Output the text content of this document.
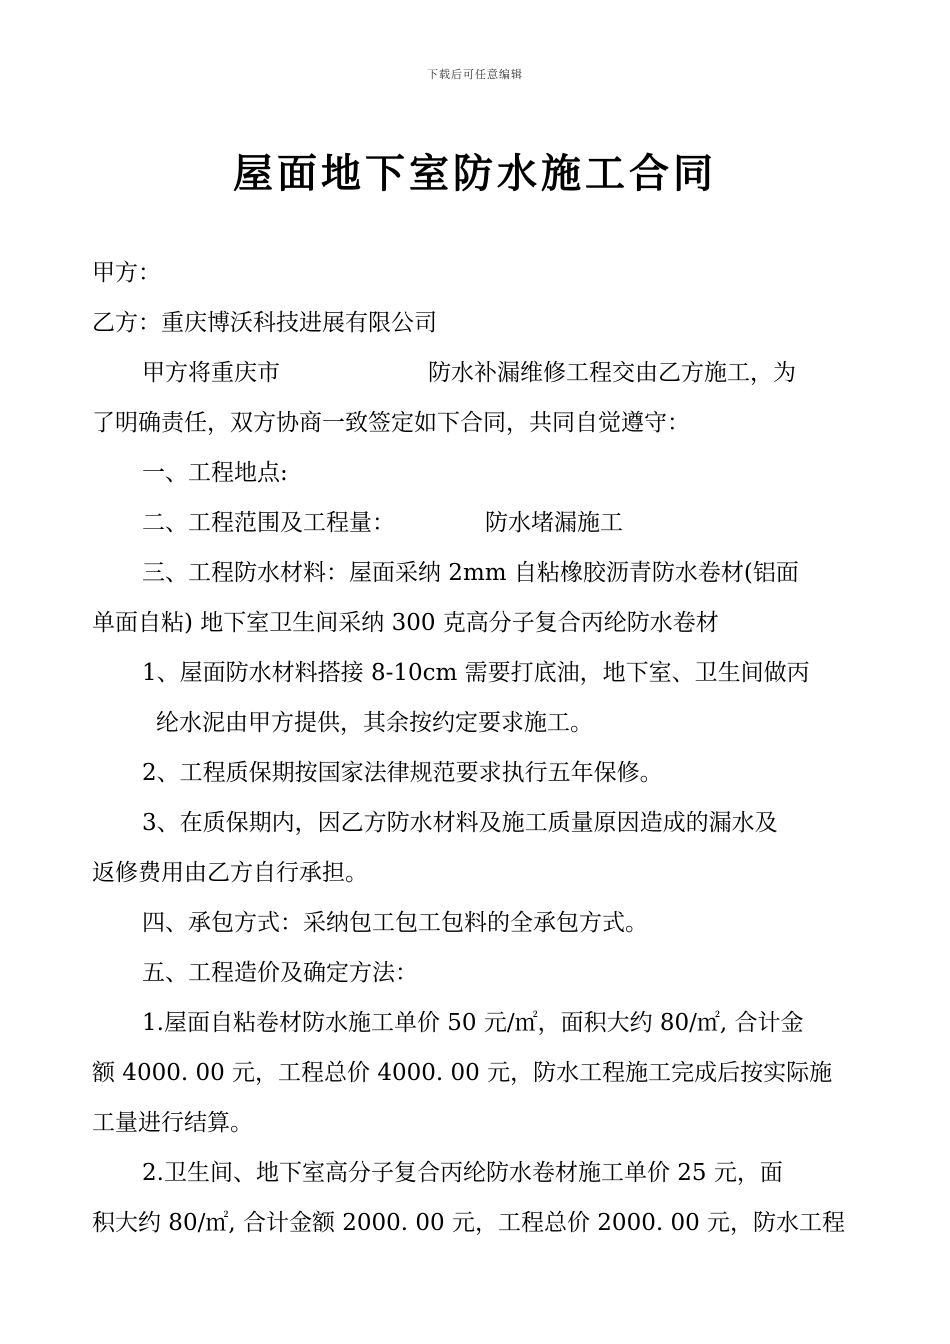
下载后可任意编辑
屋面地下室防水施工合同
甲方：
乙方：重庆博沃科技进展有限公司
甲方将重庆市	防水补漏维修工程交由乙方施工，为
了明确责任，双方协商一致签定如下合同，共同自觉遵守：
一、工程地点:
二、工程范围及工程量：	防水堵漏施工
三、工程防水材料：屋面采纳 2mm 自粘橡胶沥青防水卷材(铝面
单面自粘) 地下室卫生间采纳 300 克高分子复合丙纶防水卷材
1、屋面防水材料搭接 8-10cm 需要打底油，地下室、卫生间做丙
纶水泥由甲方提供，其余按约定要求施工。
2、工程质保期按国家法律规范要求执行五年保修。
3、在质保期内，因乙方防水材料及施工质量原因造成的漏水及
返修费用由乙方自行承担。
四、承包方式：采纳包工包工包料的全承包方式。
五、工程造价及确定方法：
1.屋面自粘卷材防水施工单价 50 元/㎡，面积大约 80/㎡, 合计金
额 4000. 00 元，工程总价 4000. 00 元，防水工程施工完成后按实际施
工量进行结算。
2.卫生间、地下室高分子复合丙纶防水卷材施工单价 25 元，面
积大约 80/㎡, 合计金额 2000. 00 元，工程总价 2000. 00 元，防水工程
